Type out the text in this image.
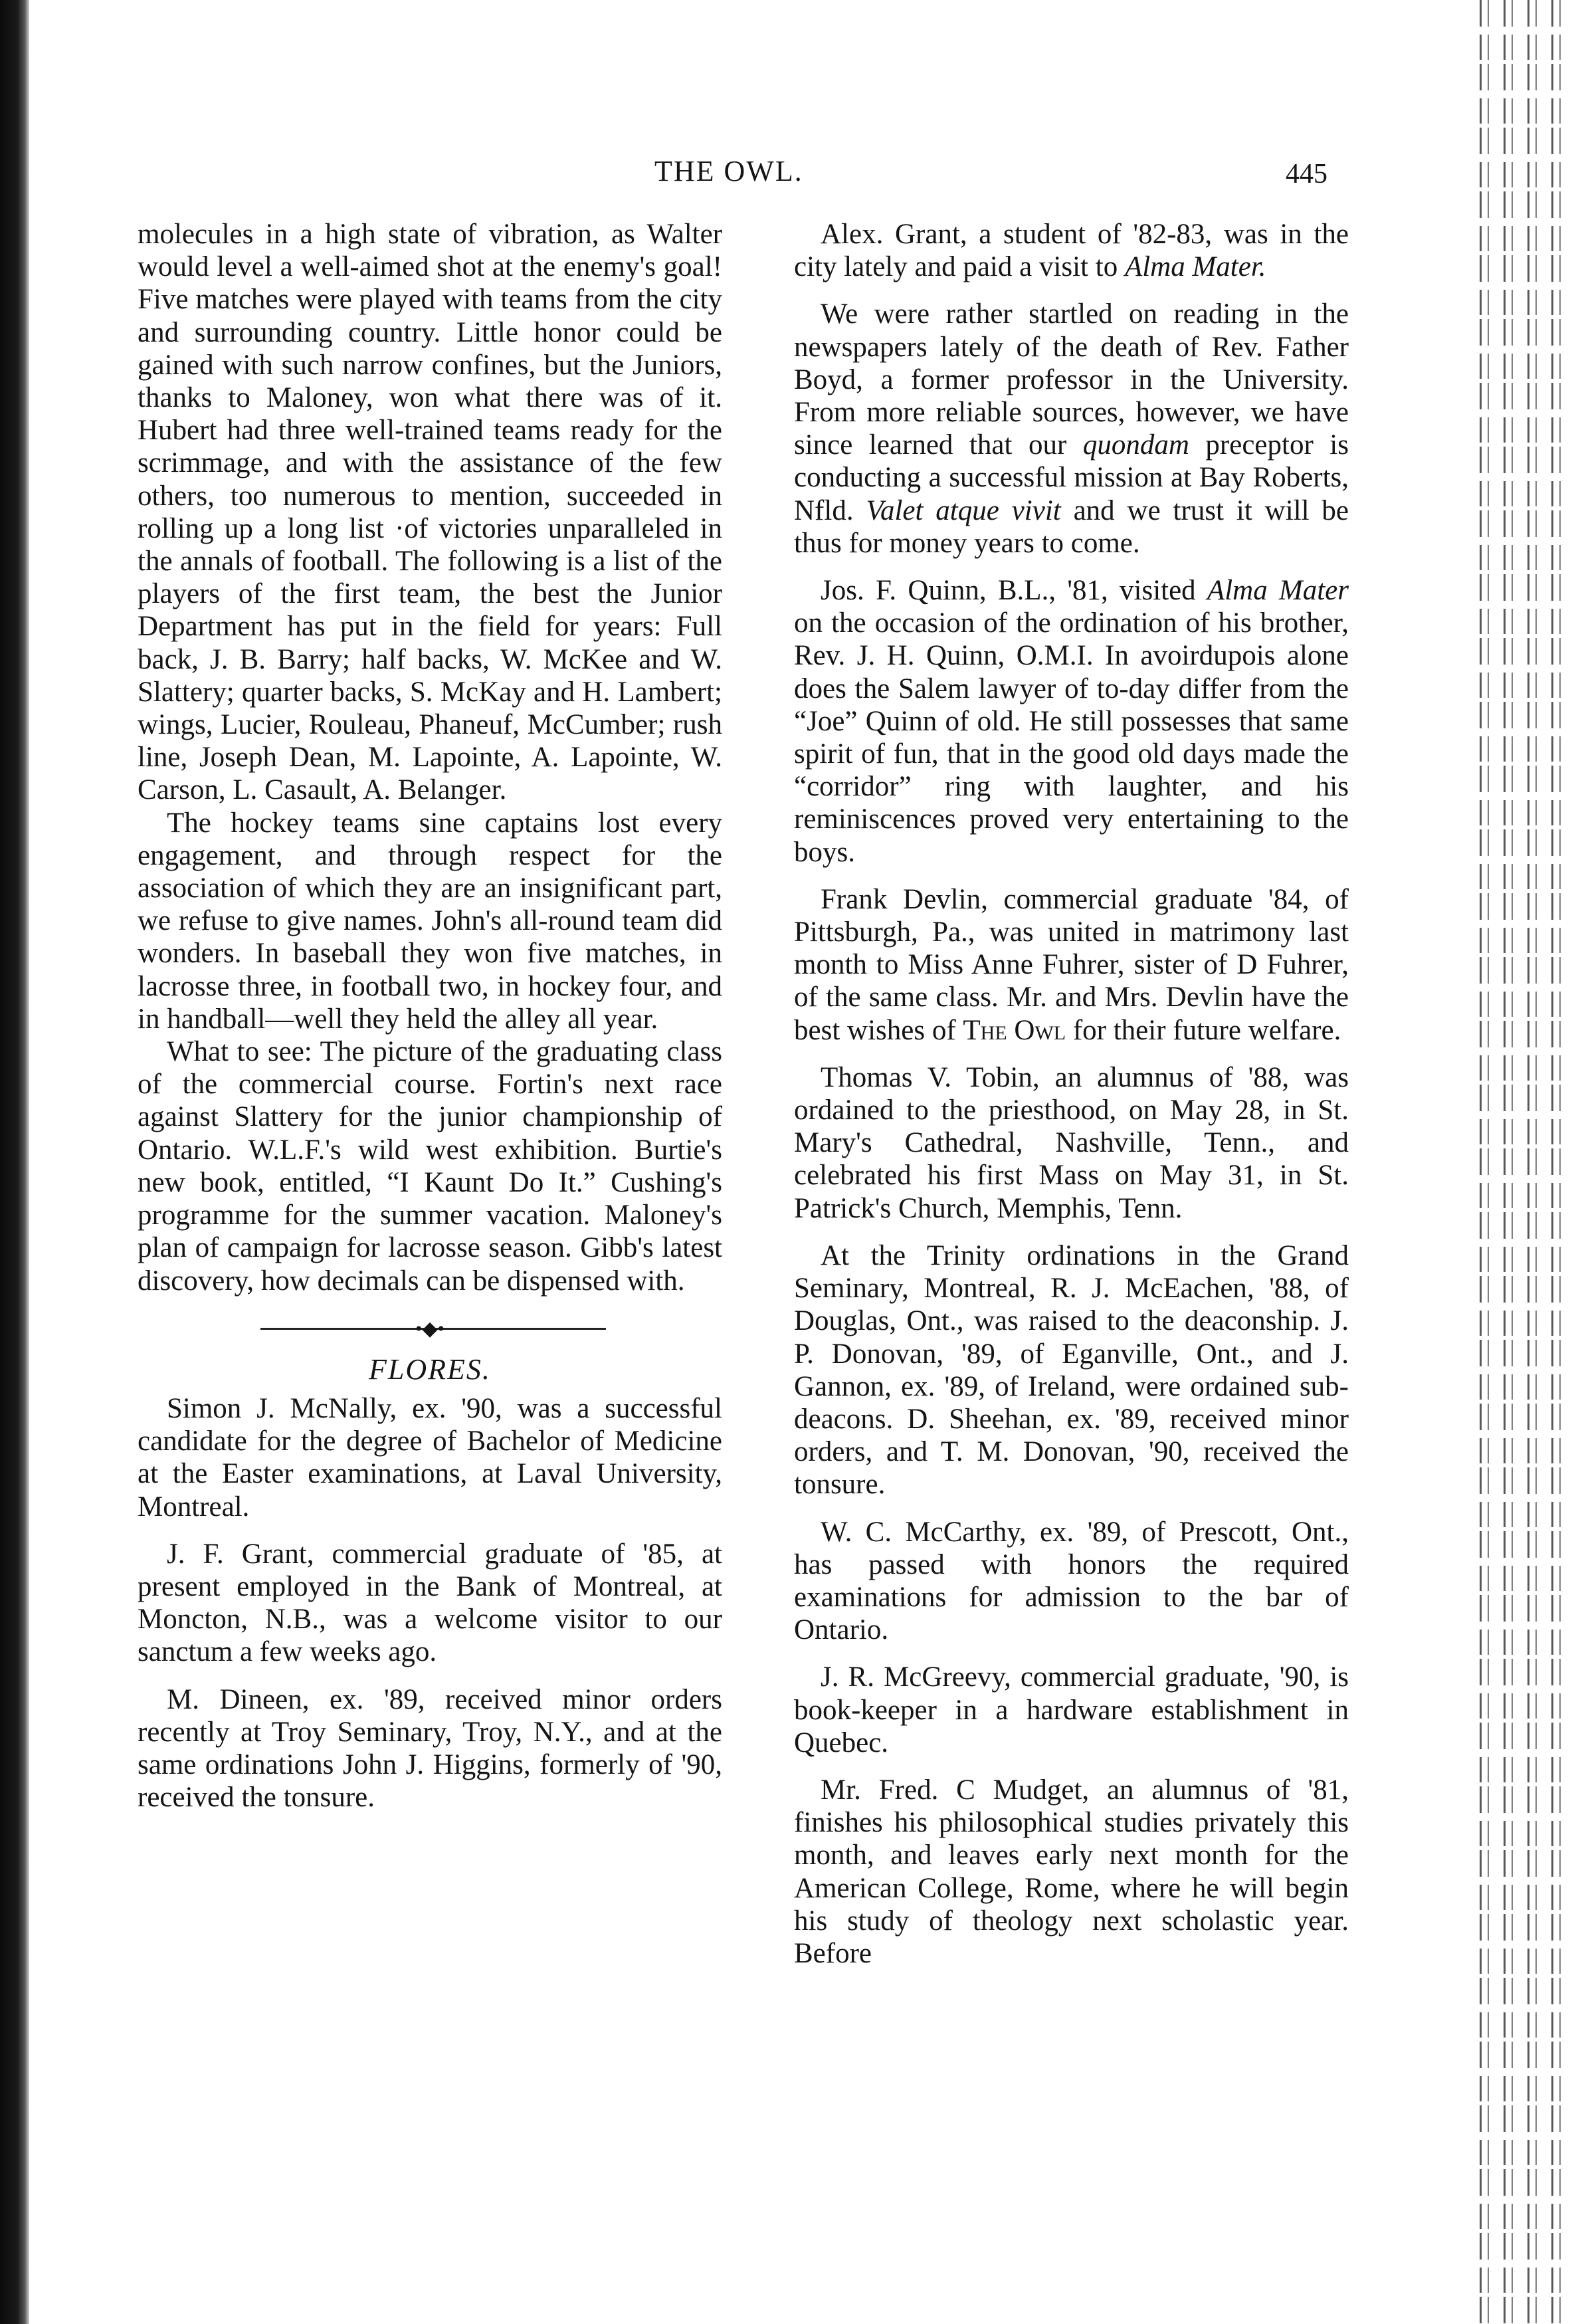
THE OWL.	445

molecules in a high state of vibration, as Walter would level a well-aimed shot at the enemy's goal! Five matches were played with teams from the city and surrounding country. Little honor could be gained with such narrow confines, but the Juniors, thanks to Maloney, won what there was of it. Hubert had three well-trained teams ready for the scrimmage, and with the assistance of the few others, too numerous to mention, succeeded in rolling up a long list ·of victories unparalleled in the annals of football. The following is a list of the players of the first team, the best the Junior Department has put in the field for years: Full back, J. B. Barry; half backs, W. McKee and W. Slattery; quarter backs, S. McKay and H. Lambert; wings, Lucier, Rouleau, Phaneuf, McCumber; rush line, Joseph Dean, M. Lapointe, A. Lapointe, W. Carson, L. Casault, A. Belanger.

The hockey teams sine captains lost every engagement, and through respect for the association of which they are an insignificant part, we refuse to give names. John's all-round team did wonders. In baseball they won five matches, in lacrosse three, in football two, in hockey four, and in handball—well they held the alley all year.

What to see: The picture of the graduating class of the commercial course. Fortin's next race against Slattery for the junior championship of Ontario. W.L.F.'s wild west exhibition. Burtie's new book, entitled, “I Kaunt Do It.” Cushing's programme for the summer vacation. Maloney's plan of campaign for lacrosse season. Gibb's latest discovery, how decimals can be dispensed with.

•◆•
FLORES.

Simon J. McNally, ex. '90, was a successful candidate for the degree of Bachelor of Medicine at the Easter examinations, at Laval University, Montreal.

J. F. Grant, commercial graduate of '85, at present employed in the Bank of Montreal, at Moncton, N.B., was a welcome visitor to our sanctum a few weeks ago.

M. Dineen, ex. '89, received minor orders recently at Troy Seminary, Troy, N.Y., and at the same ordinations John J. Higgins, formerly of '90, received the tonsure.

Alex. Grant, a student of '82-83, was in the city lately and paid a visit to Alma Mater.

We were rather startled on reading in the newspapers lately of the death of Rev. Father Boyd, a former professor in the University. From more reliable sources, however, we have since learned that our quondam preceptor is conducting a successful mission at Bay Roberts, Nfld. Valet atque vivit and we trust it will be thus for money years to come.

Jos. F. Quinn, B.L., '81, visited Alma Mater on the occasion of the ordination of his brother, Rev. J. H. Quinn, O.M.I. In avoirdupois alone does the Salem lawyer of to-day differ from the “Joe” Quinn of old. He still possesses that same spirit of fun, that in the good old days made the “corridor” ring with laughter, and his reminiscences proved very entertaining to the boys.

Frank Devlin, commercial graduate '84, of Pittsburgh, Pa., was united in matrimony last month to Miss Anne Fuhrer, sister of D Fuhrer, of the same class. Mr. and Mrs. Devlin have the best wishes of The Owl for their future welfare.

Thomas V. Tobin, an alumnus of '88, was ordained to the priesthood, on May 28, in St. Mary's Cathedral, Nashville, Tenn., and celebrated his first Mass on May 31, in St. Patrick's Church, Memphis, Tenn.

At the Trinity ordinations in the Grand Seminary, Montreal, R. J. McEachen, '88, of Douglas, Ont., was raised to the deaconship. J. P. Donovan, '89, of Eganville, Ont., and J. Gannon, ex. '89, of Ireland, were ordained sub-deacons. D. Sheehan, ex. '89, received minor orders, and T. M. Donovan, '90, received the tonsure.

W. C. McCarthy, ex. '89, of Prescott, Ont., has passed with honors the required examinations for admission to the bar of Ontario.

J. R. McGreevy, commercial graduate, '90, is book-keeper in a hardware establishment in Quebec.

Mr. Fred. C Mudget, an alumnus of '81, finishes his philosophical studies privately this month, and leaves early next month for the American College, Rome, where he will begin his study of theology next scholastic year. Before
